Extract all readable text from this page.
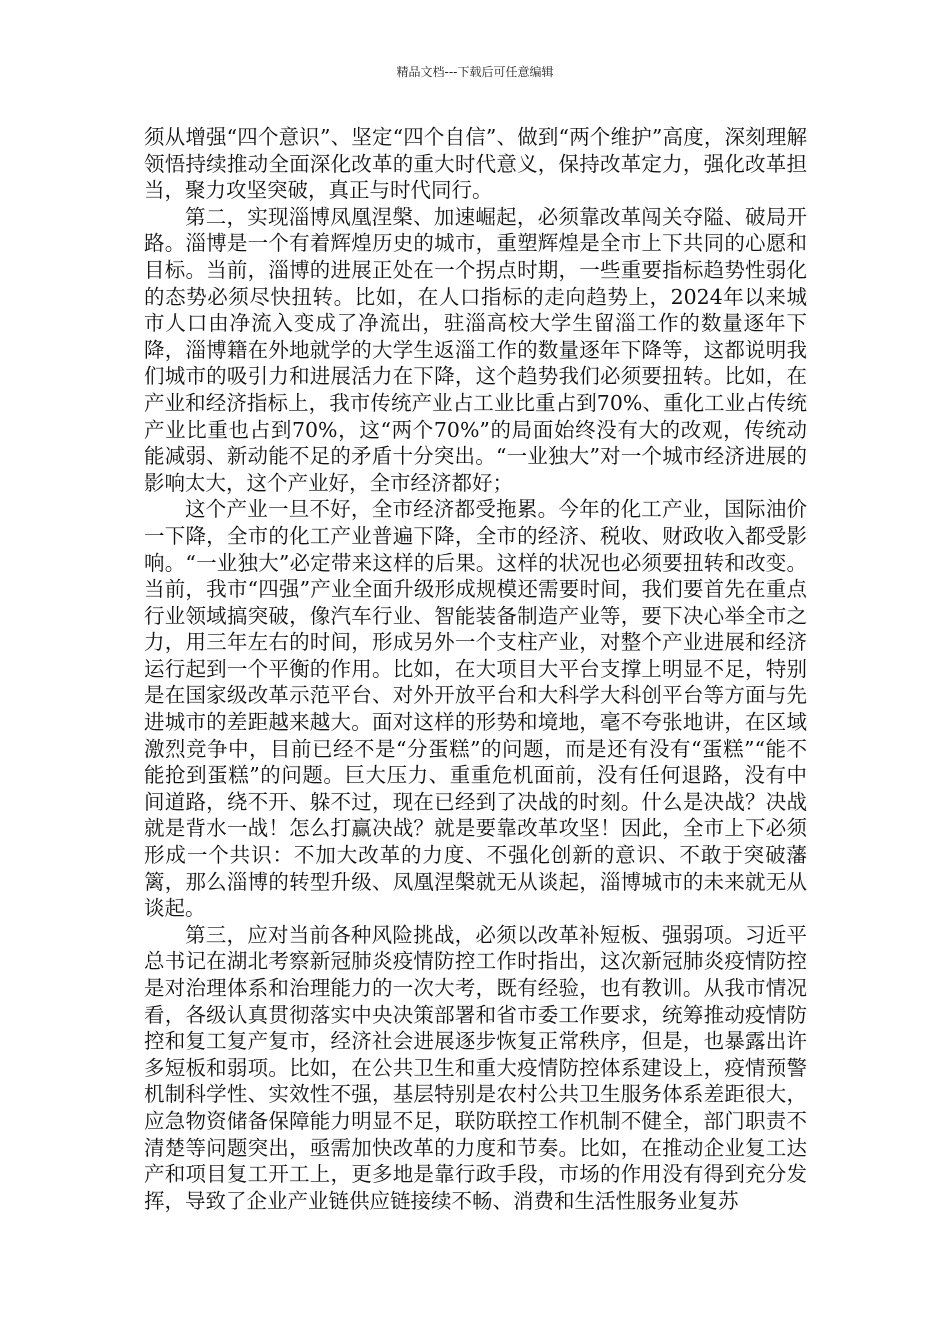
精品文档---下载后可任意编辑

须从增强“四个意识”、坚定“四个自信”、做到“两个维护”高度，深刻理解领悟持续推动全面深化改革的重大时代意义，保持改革定力，强化改革担当，聚力攻坚突破，真正与时代同行。

第二，实现淄博凤凰涅槃、加速崛起，必须靠改革闯关夺隘、破局开路。淄博是一个有着辉煌历史的城市，重塑辉煌是全市上下共同的心愿和目标。当前，淄博的进展正处在一个拐点时期，一些重要指标趋势性弱化的态势必须尽快扭转。比如，在人口指标的走向趋势上，2024年以来城市人口由净流入变成了净流出，驻淄高校大学生留淄工作的数量逐年下降，淄博籍在外地就学的大学生返淄工作的数量逐年下降等，这都说明我们城市的吸引力和进展活力在下降，这个趋势我们必须要扭转。比如，在产业和经济指标上，我市传统产业占工业比重占到70%、重化工业占传统产业比重也占到70%，这“两个70%”的局面始终没有大的改观，传统动能减弱、新动能不足的矛盾十分突出。“一业独大”对一个城市经济进展的影响太大，这个产业好，全市经济都好；

这个产业一旦不好，全市经济都受拖累。今年的化工产业，国际油价一下降，全市的化工产业普遍下降，全市的经济、税收、财政收入都受影响。“一业独大”必定带来这样的后果。这样的状况也必须要扭转和改变。当前，我市“四强”产业全面升级形成规模还需要时间，我们要首先在重点行业领域搞突破，像汽车行业、智能装备制造产业等，要下决心举全市之力，用三年左右的时间，形成另外一个支柱产业，对整个产业进展和经济运行起到一个平衡的作用。比如，在大项目大平台支撑上明显不足，特别是在国家级改革示范平台、对外开放平台和大科学大科创平台等方面与先进城市的差距越来越大。面对这样的形势和境地，毫不夸张地讲，在区域激烈竞争中，目前已经不是“分蛋糕”的问题，而是还有没有“蛋糕”“能不能抢到蛋糕”的问题。巨大压力、重重危机面前，没有任何退路，没有中间道路，绕不开、躲不过，现在已经到了决战的时刻。什么是决战？决战就是背水一战！怎么打赢决战？就是要靠改革攻坚！因此，全市上下必须形成一个共识：不加大改革的力度、不强化创新的意识、不敢于突破藩篱，那么淄博的转型升级、凤凰涅槃就无从谈起，淄博城市的未来就无从谈起。

第三，应对当前各种风险挑战，必须以改革补短板、强弱项。习近平总书记在湖北考察新冠肺炎疫情防控工作时指出，这次新冠肺炎疫情防控是对治理体系和治理能力的一次大考，既有经验，也有教训。从我市情况看，各级认真贯彻落实中央决策部署和省市委工作要求，统筹推动疫情防控和复工复产复市，经济社会进展逐步恢复正常秩序，但是，也暴露出许多短板和弱项。比如，在公共卫生和重大疫情防控体系建设上，疫情预警机制科学性、实效性不强，基层特别是农村公共卫生服务体系差距很大，应急物资储备保障能力明显不足，联防联控工作机制不健全，部门职责不清楚等问题突出，亟需加快改革的力度和节奏。比如，在推动企业复工达产和项目复工开工上，更多地是靠行政手段，市场的作用没有得到充分发挥，导致了企业产业链供应链接续不畅、消费和生活性服务业复苏
